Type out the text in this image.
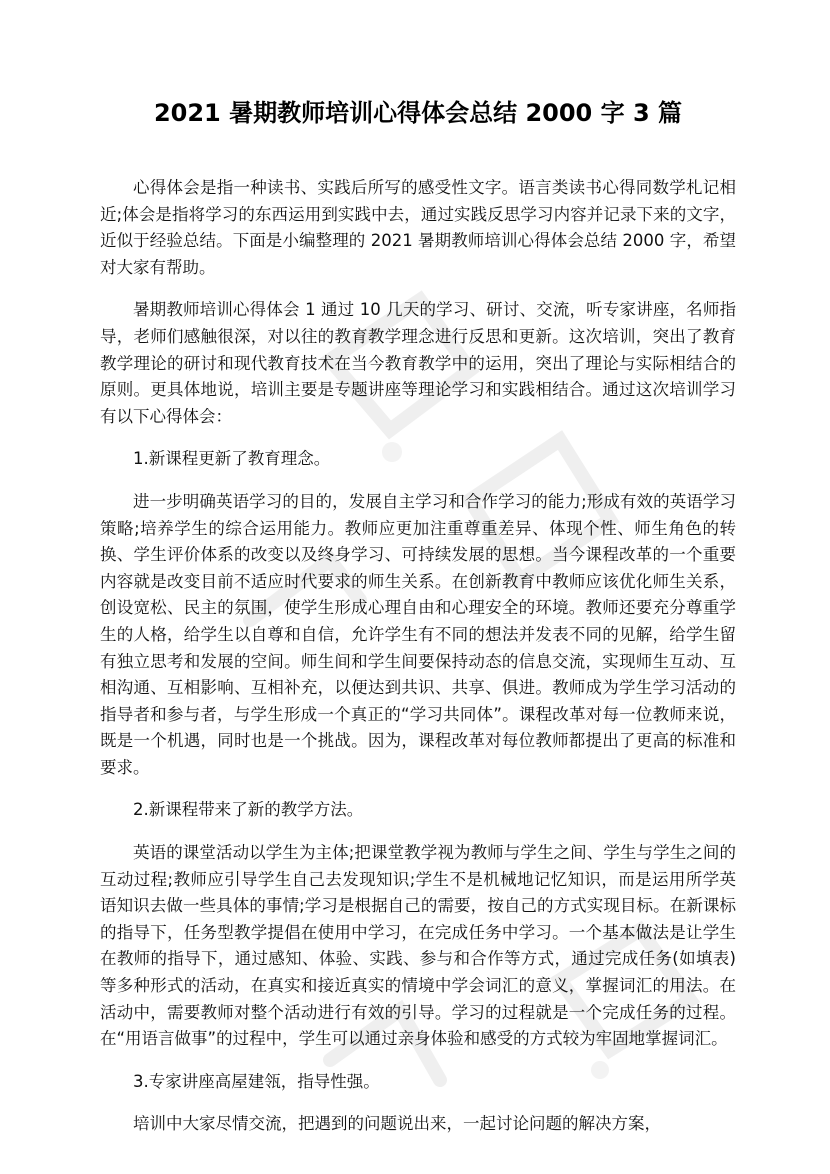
2021 暑期教师培训心得体会总结 2000 字 3 篇

心得体会是指一种读书、实践后所写的感受性文字。语言类读书心得同数学札记相近;体会是指将学习的东西运用到实践中去，通过实践反思学习内容并记录下来的文字，近似于经验总结。下面是小编整理的 2021 暑期教师培训心得体会总结 2000 字，希望对大家有帮助。

暑期教师培训心得体会 1 通过 10 几天的学习、研讨、交流，听专家讲座，名师指导，老师们感触很深，对以往的教育教学理念进行反思和更新。这次培训，突出了教育教学理论的研讨和现代教育技术在当今教育教学中的运用，突出了理论与实际相结合的原则。更具体地说，培训主要是专题讲座等理论学习和实践相结合。通过这次培训学习有以下心得体会：

1.新课程更新了教育理念。

进一步明确英语学习的目的，发展自主学习和合作学习的能力;形成有效的英语学习策略;培养学生的综合运用能力。教师应更加注重尊重差异、体现个性、师生角色的转换、学生评价体系的改变以及终身学习、可持续发展的思想。当今课程改革的一个重要内容就是改变目前不适应时代要求的师生关系。在创新教育中教师应该优化师生关系，创设宽松、民主的氛围，使学生形成心理自由和心理安全的环境。教师还要充分尊重学生的人格，给学生以自尊和自信，允许学生有不同的想法并发表不同的见解，给学生留有独立思考和发展的空间。师生间和学生间要保持动态的信息交流，实现师生互动、互相沟通、互相影响、互相补充，以便达到共识、共享、俱进。教师成为学生学习活动的指导者和参与者，与学生形成一个真正的“学习共同体”。课程改革对每一位教师来说，既是一个机遇，同时也是一个挑战。因为，课程改革对每位教师都提出了更高的标准和要求。

2.新课程带来了新的教学方法。

英语的课堂活动以学生为主体;把课堂教学视为教师与学生之间、学生与学生之间的互动过程;教师应引导学生自己去发现知识;学生不是机械地记忆知识，而是运用所学英语知识去做一些具体的事情;学习是根据自己的需要，按自己的方式实现目标。在新课标的指导下，任务型教学提倡在使用中学习，在完成任务中学习。一个基本做法是让学生在教师的指导下，通过感知、体验、实践、参与和合作等方式，通过完成任务(如填表)等多种形式的活动，在真实和接近真实的情境中学会词汇的意义，掌握词汇的用法。在活动中，需要教师对整个活动进行有效的引导。学习的过程就是一个完成任务的过程。在“用语言做事”的过程中，学生可以通过亲身体验和感受的方式较为牢固地掌握词汇。

3.专家讲座高屋建瓴，指导性强。

培训中大家尽情交流，把遇到的问题说出来，一起讨论问题的解决方案，
